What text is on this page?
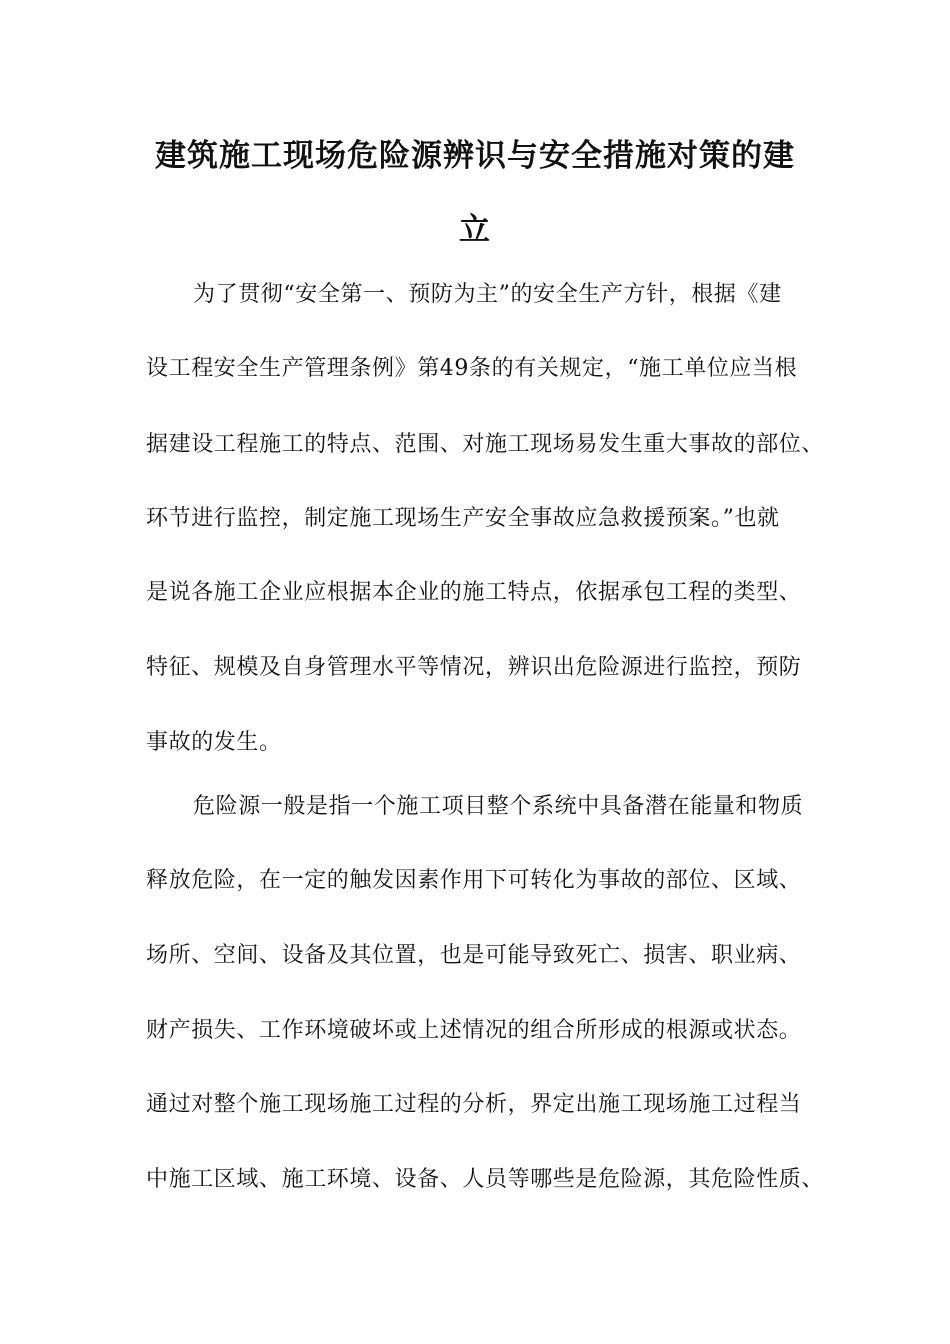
建筑施工现场危险源辨识与安全措施对策的建
立
为了贯彻“安全第一、预防为主”的安全生产方针，根据《建
设工程安全生产管理条例》第49条的有关规定，“施工单位应当根
据建设工程施工的特点、范围、对施工现场易发生重大事故的部位、
环节进行监控，制定施工现场生产安全事故应急救援预案。”也就
是说各施工企业应根据本企业的施工特点，依据承包工程的类型、
特征、规模及自身管理水平等情况，辨识出危险源进行监控，预防
事故的发生。
危险源一般是指一个施工项目整个系统中具备潜在能量和物质
释放危险，在一定的触发因素作用下可转化为事故的部位、区域、
场所、空间、设备及其位置，也是可能导致死亡、损害、职业病、
财产损失、工作环境破坏或上述情况的组合所形成的根源或状态。
通过对整个施工现场施工过程的分析，界定出施工现场施工过程当
中施工区域、施工环境、设备、人员等哪些是危险源，其危险性质、
